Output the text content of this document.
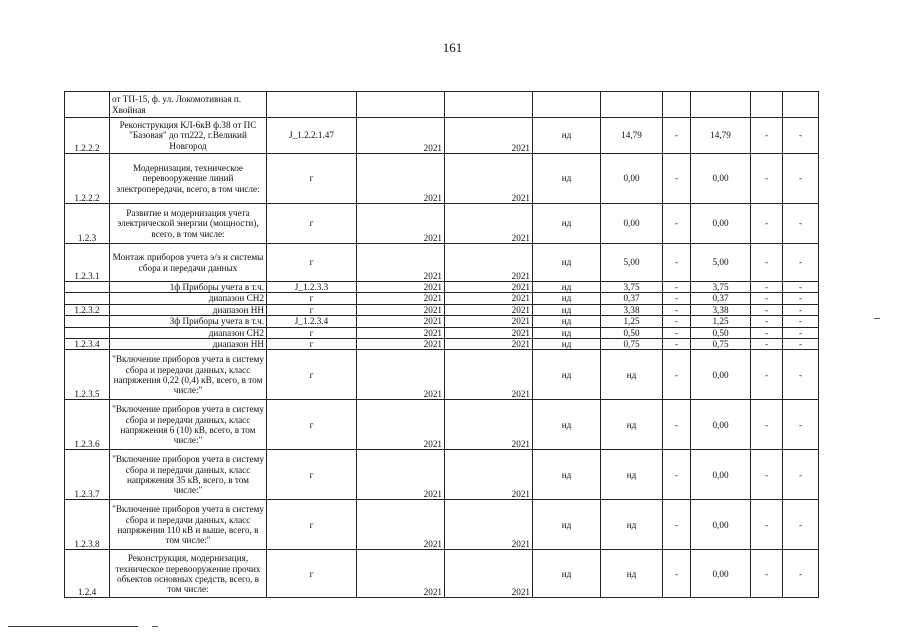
161
	от ТП-15, ф. ул. Локомотивная п. Хвойная									
1.2.2.2	Реконструкция КЛ-6кВ ф.38 от ПС "Базовая" до тп222, г.Великий Новгород	J_1.2.2.1.47	2021	2021	нд	14,79	-	14,79	-	-
1.2.2.2	Модернизация, техническое перевооружение линий электропередачи, всего, в том числе:	г	2021	2021	нд	0,00	-	0,00	-	-
1.2.3	Развитие и модернизация учета электрической энергии (мощности), всего, в том числе:	г	2021	2021	нд	0,00	-	0,00	-	-
1.2.3.1	Монтаж приборов учета э/э и системы сбора и передачи данных	г	2021	2021	нд	5,00	-	5,00	-	-
	1ф Приборы учета в т.ч.	J_1.2.3.3	2021	2021	нд	3,75	-	3,75	-	-
	диапазон СН2	г	2021	2021	нд	0,37	-	0,37	-	-
1.2.3.2	диапазон НН	г	2021	2021	нд	3,38	-	3,38	-	-
	3ф Приборы учета в т.ч.	J_1.2.3.4	2021	2021	нд	1,25	-	1,25	-	-
	диапазон СН2	г	2021	2021	нд	0,50	-	0,50	-	-
1.2.3.4	диапазон НН	г	2021	2021	нд	0,75	-	0,75	-	-
1.2.3.5	"Включение приборов учета в систему сбора и передачи данных, класс напряжения 0,22 (0,4) кВ, всего, в том числе:"	г	2021	2021	нд	нд	-	0,00	-	-
1.2.3.6	"Включение приборов учета в систему сбора и передачи данных, класс напряжения 6 (10) кВ, всего, в том числе:"	г	2021	2021	нд	нд	-	0,00	-	-
1.2.3.7	"Включение приборов учета в систему сбора и передачи данных, класс напряжения 35 кВ, всего, в том числе:"	г	2021	2021	нд	нд	-	0,00	-	-
1.2.3.8	"Включение приборов учета в систему сбора и передачи данных, класс напряжения 110 кВ и выше, всего, в том числе:"	г	2021	2021	нд	нд	-	0,00	-	-
1.2.4	Реконструкция, модернизация, техническое перевооружение прочих объектов основных средств, всего, в том числе:	г	2021	2021	нд	нд	-	0,00	-	-
